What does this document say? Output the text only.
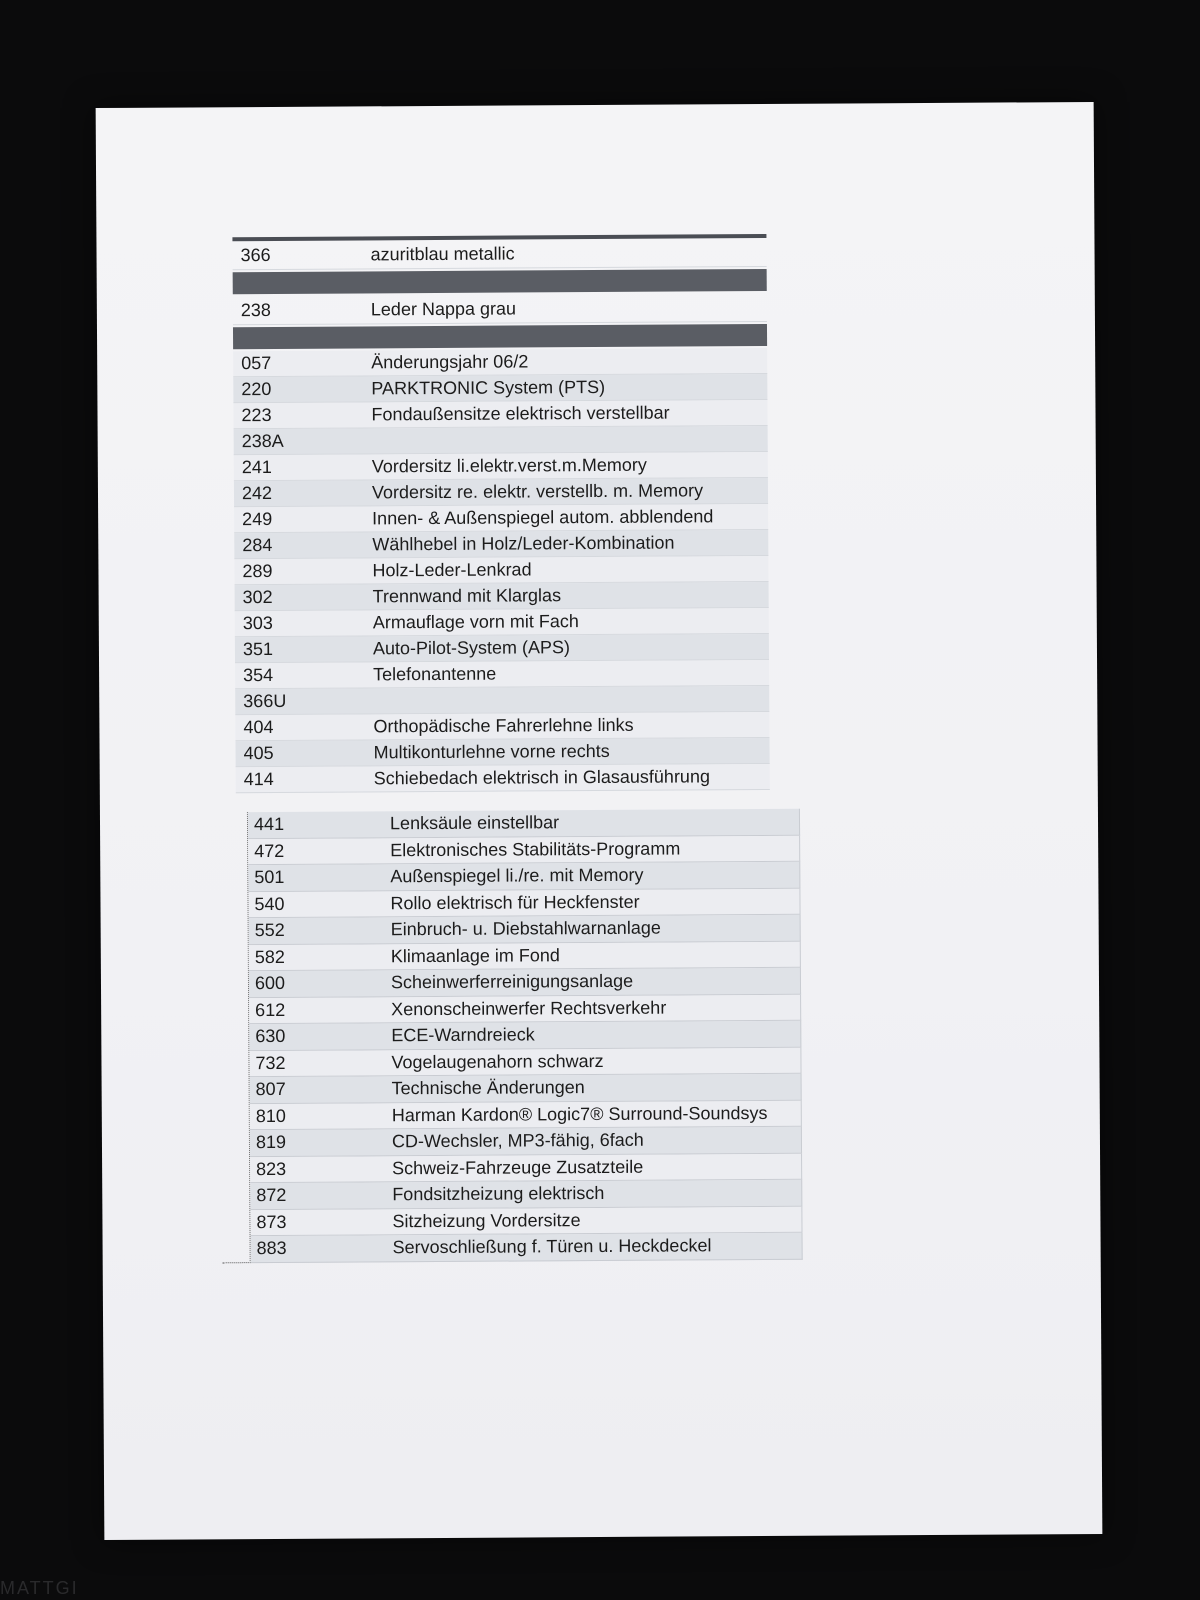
366	azuritblau metallic
238	Leder Nappa grau
057	Änderungsjahr 06/2
220	PARKTRONIC System (PTS)
223	Fondaußensitze elektrisch verstellbar
238A
241	Vordersitz li.elektr.verst.m.Memory
242	Vordersitz re. elektr. verstellb. m. Memory
249	Innen- & Außenspiegel autom. abblendend
284	Wählhebel in Holz/Leder-Kombination
289	Holz-Leder-Lenkrad
302	Trennwand mit Klarglas
303	Armauflage vorn mit Fach
351	Auto-Pilot-System (APS)
354	Telefonantenne
366U
404	Orthopädische Fahrerlehne links
405	Multikonturlehne vorne rechts
414	Schiebedach elektrisch in Glasausführung
441	Lenksäule einstellbar
472	Elektronisches Stabilitäts-Programm
501	Außenspiegel li./re. mit Memory
540	Rollo elektrisch für Heckfenster
552	Einbruch- u. Diebstahlwarnanlage
582	Klimaanlage im Fond
600	Scheinwerferreinigungsanlage
612	Xenonscheinwerfer Rechtsverkehr
630	ECE-Warndreieck
732	Vogelaugenahorn schwarz
807	Technische Änderungen
810	Harman Kardon® Logic7® Surround-Soundsys
819	CD-Wechsler, MP3-fähig, 6fach
823	Schweiz-Fahrzeuge Zusatzteile
872	Fondsitzheizung elektrisch
873	Sitzheizung Vordersitze
883	Servoschließung f. Türen u. Heckdeckel
MATTGI
